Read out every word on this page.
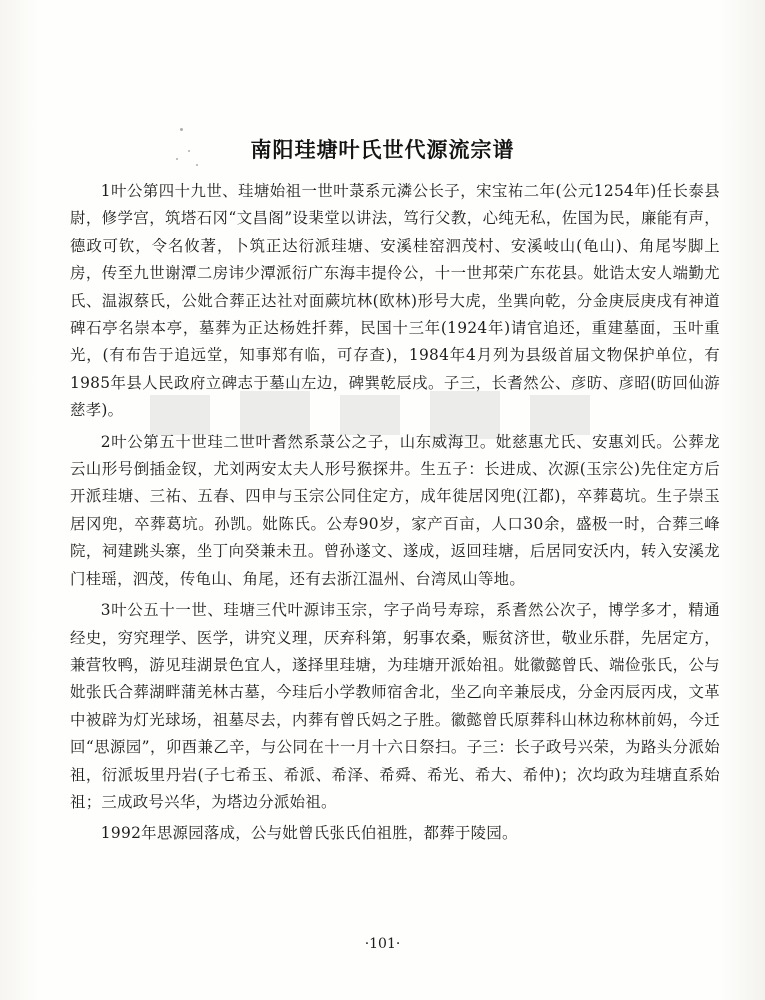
南阳珪塘叶氏世代源流宗谱

1叶公第四十九世、珪塘始祖一世叶菉系元潾公长子，宋宝祐二年(公元1254年)任长泰县尉，修学宫，筑塔石冈“文昌阁”设棐堂以讲法，笃行父教，心纯无私，佐国为民，廉能有声，德政可钦，令名攸著，卜筑正达衍派珪塘、安溪桂窑泗茂村、安溪岐山(龟山)、角尾岑脚上房，传至九世谢潭二房讳少潭派衍广东海丰提伶公，十一世邦荣广东花县。妣诰太安人端勤尤氏、温淑蔡氏，公妣合葬正达社对面蕨坑林(欧林)形号大虎，坐巽向乾，分金庚辰庚戌有神道碑石亭名崇本亭，墓葬为正达杨姓扦葬，民国十三年(1924年)请官追还，重建墓面，玉叶重光，(有布告于追远堂，知事郑有临，可存查)，1984年4月列为县级首届文物保护单位，有1985年县人民政府立碑志于墓山左边，碑巽乾辰戌。子三，长耆然公、彦昉、彦昭(昉回仙游慈孝)。

2叶公第五十世珪二世叶耆然系菉公之子，山东威海卫。妣慈惠尤氏、安惠刘氏。公葬龙云山形号倒插金钗，尤刘两安太夫人形号猴探井。生五子：长进成、次源(玉宗公)先住定方后开派珪塘、三祐、五春、四申与玉宗公同住定方，成年徙居冈兜(江都)，卒葬葛坑。生子崇玉居冈兜，卒葬葛坑。孙凯。妣陈氏。公寿90岁，家产百亩，人口30余，盛极一时，合葬三峰院，祠建跳头寨，坐丁向癸兼未丑。曾孙遂文、遂成，返回珪塘，后居同安沃内，转入安溪龙门桂瑶，泗茂，传龟山、角尾，还有去浙江温州、台湾凤山等地。

3叶公五十一世、珪塘三代叶源讳玉宗，字子尚号寿琮，系耆然公次子，博学多才，精通经史，穷究理学、医学，讲究义理，厌弃科第，躬事农桑，赈贫济世，敬业乐群，先居定方，兼营牧鸭，游见珪湖景色宜人，遂择里珪塘，为珪塘开派始祖。妣徽懿曾氏、端俭张氏，公与妣张氏合葬湖畔蒲羌林古墓，今珪后小学教师宿舍北，坐乙向辛兼辰戌，分金丙辰丙戌，文革中被辟为灯光球场，祖墓尽去，内葬有曾氏妈之子胜。徽懿曾氏原葬科山林边称林前妈，今迁回“思源园”，卯酉兼乙辛，与公同在十一月十六日祭扫。子三：长子政号兴荣，为路头分派始祖，衍派坂里丹岩(子七希玉、希派、希泽、希舜、希光、希大、希仲)；次均政为珪塘直系始祖；三成政号兴华，为塔边分派始祖。

1992年思源园落成，公与妣曾氏张氏伯祖胜，都葬于陵园。

·101·
